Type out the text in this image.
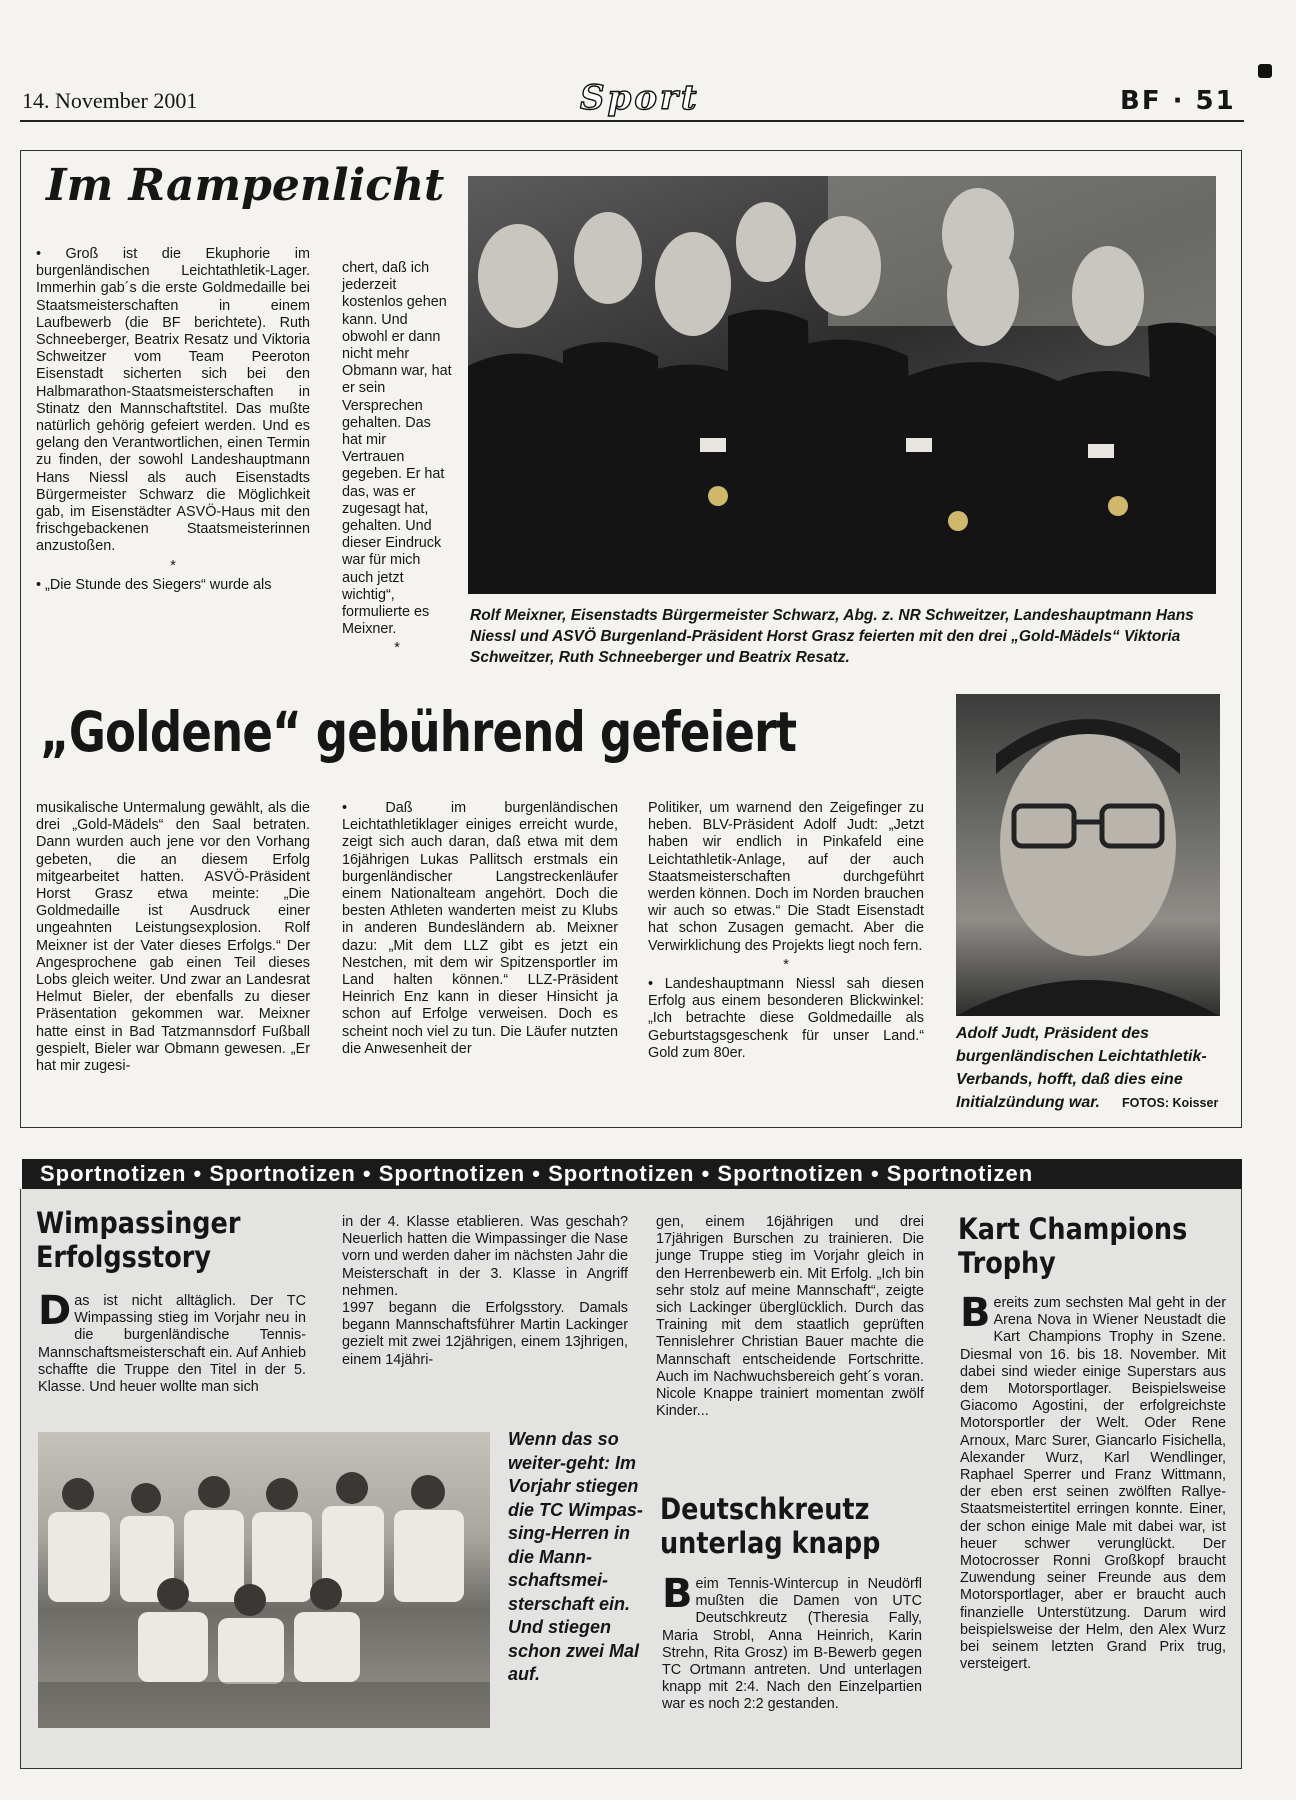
14. November 2001	Sport	BF · 51
Im Rampenlicht

• Groß ist die Ekuphorie im burgenländischen Leichtathletik-Lager. Immerhin gab´s die erste Goldmedaille bei Staatsmeisterschaften in einem Laufbewerb (die BF berichtete). Ruth Schneeberger, Beatrix Resatz und Viktoria Schweitzer vom Team Peeroton Eisenstadt sicherten sich bei den Halbmarathon-Staatsmeisterschaften in Stinatz den Mannschaftstitel. Das mußte natürlich gehörig gefeiert werden. Und es gelang den Verantwortlichen, einen Termin zu finden, der sowohl Landeshauptmann Hans Niessl als auch Eisenstadts Bürgermeister Schwarz die Möglichkeit gab, im Eisenstädter ASVÖ-Haus mit den frischgebackenen Staatsmeisterinnen anzustoßen.

*

• „Die Stunde des Siegers“ wurde als

chert, daß ich jederzeit kostenlos gehen kann. Und obwohl er dann nicht mehr Obmann war, hat er sein Versprechen gehalten. Das hat mir Vertrauen gegeben. Er hat das, was er zugesagt hat, gehalten. Und dieser Eindruck war für mich auch jetzt wichtig“, formulierte es Meixner.

*

Rolf Meixner, Eisenstadts Bürgermeister Schwarz, Abg. z. NR Schweitzer, Landeshauptmann Hans Niessl und ASVÖ Burgenland-Präsident Horst Grasz feierten mit den drei „Gold-Mädels“ Viktoria Schweitzer, Ruth Schneeberger und Beatrix Resatz.
„Goldene“ gebührend gefeiert

musikalische Untermalung gewählt, als die drei „Gold-Mädels“ den Saal betraten. Dann wurden auch jene vor den Vorhang gebeten, die an diesem Erfolg mitgearbeitet hatten. ASVÖ-Präsident Horst Grasz etwa meinte: „Die Goldmedaille ist Ausdruck einer ungeahnten Leistungsexplosion. Rolf Meixner ist der Vater dieses Erfolgs.“ Der Angesprochene gab einen Teil dieses Lobs gleich weiter. Und zwar an Landesrat Helmut Bieler, der ebenfalls zu dieser Präsentation gekommen war. Meixner hatte einst in Bad Tatzmannsdorf Fußball gespielt, Bieler war Obmann gewesen. „Er hat mir zugesi-

• Daß im burgenländischen Leichtathletiklager einiges erreicht wurde, zeigt sich auch daran, daß etwa mit dem 16jährigen Lukas Pallitsch erstmals ein burgenländischer Langstreckenläufer einem Nationalteam angehört. Doch die besten Athleten wanderten meist zu Klubs in anderen Bundesländern ab. Meixner dazu: „Mit dem LLZ gibt es jetzt ein Nestchen, mit dem wir Spitzensportler im Land halten können.“ LLZ-Präsident Heinrich Enz kann in dieser Hinsicht ja schon auf Erfolge verweisen. Doch es scheint noch viel zu tun. Die Läufer nutzten die Anwesenheit der

Politiker, um warnend den Zeigefinger zu heben. BLV-Präsident Adolf Judt: „Jetzt haben wir endlich in Pinkafeld eine Leichtathletik-Anlage, auf der auch Staatsmeisterschaften durchgeführt werden können. Doch im Norden brauchen wir auch so etwas.“ Die Stadt Eisenstadt hat schon Zusagen gemacht. Aber die Verwirklichung des Projekts liegt noch fern.

*

• Landeshauptmann Niessl sah diesen Erfolg aus einem besonderen Blickwinkel: „Ich betrachte diese Goldmedaille als Geburtstagsgeschenk für unser Land.“ Gold zum 80er.

Adolf Judt, Präsident des burgenländischen Leichtathletik-Verbands, hofft, daß dies eine Initialzündung war. FOTOS: Koisser
Sportnotizen • Sportnotizen • Sportnotizen • Sportnotizen • Sportnotizen • Sportnotizen
Wimpassinger Erfolgsstory

Das ist nicht alltäglich. Der TC Wimpassing stieg im Vorjahr neu in die burgenländische Tennis-Mannschaftsmeisterschaft ein. Auf Anhieb schaffte die Truppe den Titel in der 5. Klasse. Und heuer wollte man sich

in der 4. Klasse etablieren. Was geschah? Neuerlich hatten die Wimpassinger die Nase vorn und werden daher im nächsten Jahr die Meisterschaft in der 3. Klasse in Angriff nehmen.

1997 begann die Erfolgsstory. Damals begann Mannschaftsführer Martin Lackinger gezielt mit zwei 12jährigen, einem 13jhrigen, einem 14jähri-

gen, einem 16jährigen und drei 17jährigen Burschen zu trainieren. Die junge Truppe stieg im Vorjahr gleich in den Herrenbewerb ein. Mit Erfolg. „Ich bin sehr stolz auf meine Mannschaft“, zeigte sich Lackinger überglücklich. Durch das Training mit dem staatlich geprüften Tennislehrer Christian Bauer machte die Mannschaft entscheidende Fortschritte. Auch im Nachwuchsbereich geht´s voran. Nicole Knappe trainiert momentan zwölf Kinder...

Wenn das so weiter-geht: Im Vorjahr stiegen die TC Wimpas-sing-Herren in die Mann-schaftsmei-sterschaft ein. Und stiegen schon zwei Mal auf.
Deutschkreutz unterlag knapp

Beim Tennis-Wintercup in Neudörfl mußten die Damen von UTC Deutschkreutz (Theresia Fally, Maria Strobl, Anna Heinrich, Karin Strehn, Rita Grosz) im B-Bewerb gegen TC Ortmann antreten. Und unterlagen knapp mit 2:4. Nach den Einzelpartien war es noch 2:2 gestanden.

Kart Champions Trophy

Bereits zum sechsten Mal geht in der Arena Nova in Wiener Neustadt die Kart Champions Trophy in Szene. Diesmal von 16. bis 18. November. Mit dabei sind wieder einige Superstars aus dem Motorsportlager. Beispielsweise Giacomo Agostini, der erfolgreichste Motorsportler der Welt. Oder Rene Arnoux, Marc Surer, Giancarlo Fisichella, Alexander Wurz, Karl Wendlinger, Raphael Sperrer und Franz Wittmann, der eben erst seinen zwölften Rallye-Staatsmeistertitel erringen konnte. Einer, der schon einige Male mit dabei war, ist heuer schwer verunglückt. Der Motocrosser Ronni Großkopf braucht Zuwendung seiner Freunde aus dem Motorsportlager, aber er braucht auch finanzielle Unterstützung. Darum wird beispielsweise der Helm, den Alex Wurz bei seinem letzten Grand Prix trug, versteigert.
